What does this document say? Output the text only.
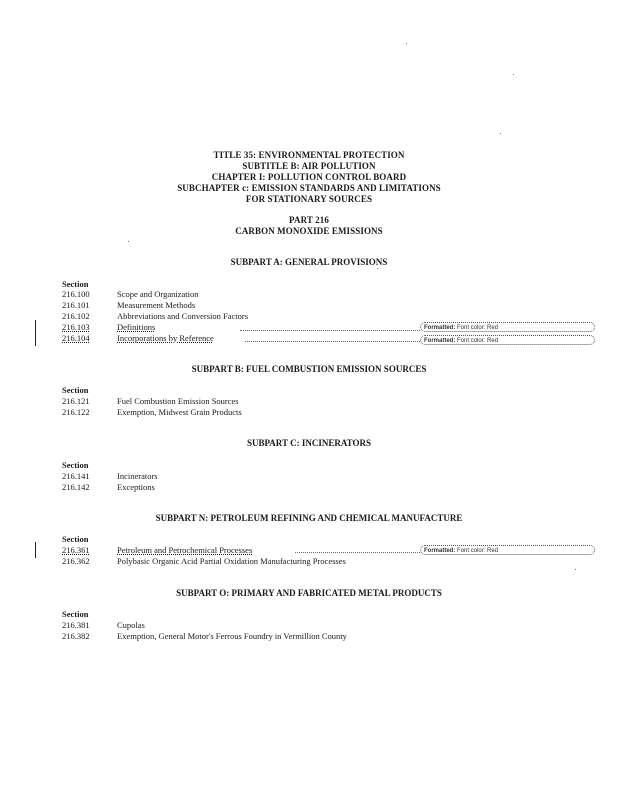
TITLE 35: ENVIRONMENTAL PROTECTION
SUBTITLE B: AIR POLLUTION
CHAPTER I: POLLUTION CONTROL BOARD
SUBCHAPTER c: EMISSION STANDARDS AND LIMITATIONS
FOR STATIONARY SOURCES
PART 216
CARBON MONOXIDE EMISSIONS
SUBPART A: GENERAL PROVISIONS
Section
216.100	Scope and Organization
216.101	Measurement Methods
216.102	Abbreviations and Conversion Factors
216.103	Definitions
216.104	Incorporations by Reference
Formatted: Font color: Red
Formatted: Font color: Red
SUBPART B: FUEL COMBUSTION EMISSION SOURCES
Section
216.121	Fuel Combustion Emission Sources
216.122	Exemption, Midwest Grain Products
SUBPART C: INCINERATORS
Section
216.141	Incinerators
216.142	Exceptions
SUBPART N: PETROLEUM REFINING AND CHEMICAL MANUFACTURE
Section
216.361	Petroleum and Petrochemical Processes
216.362	Polybasic Organic Acid Partial Oxidation Manufacturing Processes
Formatted: Font color: Red
SUBPART O: PRIMARY AND FABRICATED METAL PRODUCTS
Section
216.381	Cupolas
216.382	Exemption, General Motor's Ferrous Foundry in Vermillion County
